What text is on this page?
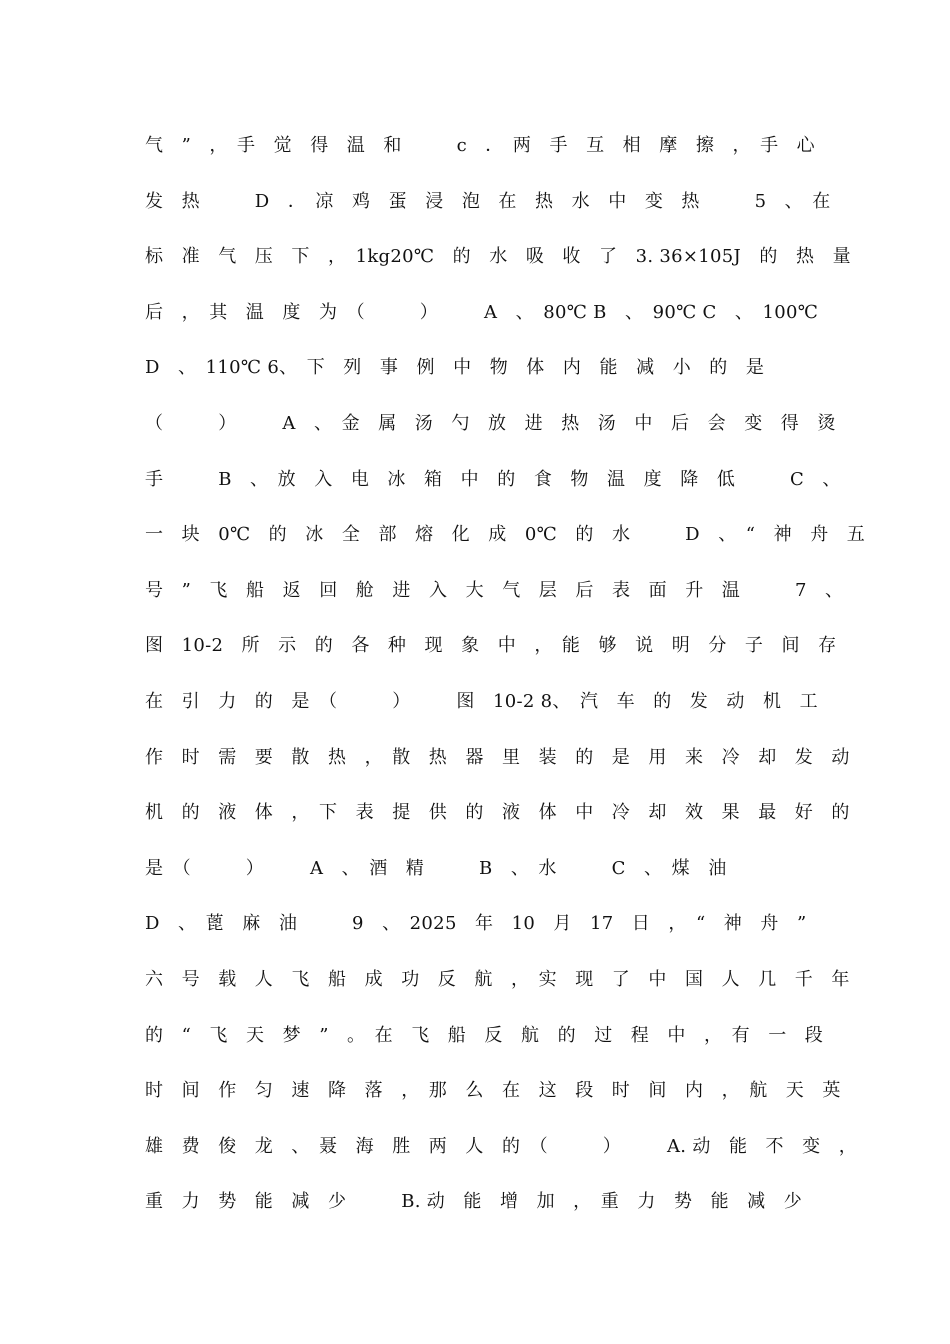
气　”　，　手　觉　得　温　和　　　c　．　两　手　互　相　摩　擦　，　手　心
发　热　　　D　．　凉　鸡　蛋　浸　泡　在　热　水　中　变　热　　　5　、　在
标　准　气　压　下　，　1kg20℃　的　水　吸　收　了　3. 36×105J　的　热　量
后　，　其　温　度　为　（　　　）　　　A　、　80℃ B　、　90℃ C　、　100℃
D　、　110℃ 6、　下　列　事　例　中　物　体　内　能　减　小　的　是
（　　　）　　　A　、　金　属　汤　勺　放　进　热　汤　中　后　会　变　得　烫
手　　　B　、　放　入　电　冰　箱　中　的　食　物　温　度　降　低　　　C　、
一　块　0℃　的　冰　全　部　熔　化　成　0℃　的　水　　　D　、　“　神　舟　五
号　”　飞　船　返　回　舱　进　入　大　气　层　后　表　面　升　温　　　7　、
图　10-2　所　示　的　各　种　现　象　中　，　能　够　说　明　分　子　间　存
在　引　力　的　是　（　　　）　　　图　10-2 8、　汽　车　的　发　动　机　工
作　时　需　要　散　热　，　散　热　器　里　装　的　是　用　来　冷　却　发　动
机　的　液　体　，　下　表　提　供　的　液　体　中　冷　却　效　果　最　好　的
是　（　　　）　　　A　、　酒　精　　　B　、　水　　　C　、　煤　油
D　、　蓖　麻　油　　　9　、　2025　年　10　月　17　日　，　“　神　舟　”
六　号　载　人　飞　船　成　功　反　航　，　实　现　了　中　国　人　几　千　年
的　“　飞　天　梦　”　。　在　飞　船　反　航　的　过　程　中　，　有　一　段
时　间　作　匀　速　降　落　，　那　么　在　这　段　时　间　内　，　航　天　英
雄　费　俊　龙　、　聂　海　胜　两　人　的　（　　　）　　　A. 动　能　不　变　，
重　力　势　能　减　少　　　B. 动　能　增　加　，　重　力　势　能　减　少
